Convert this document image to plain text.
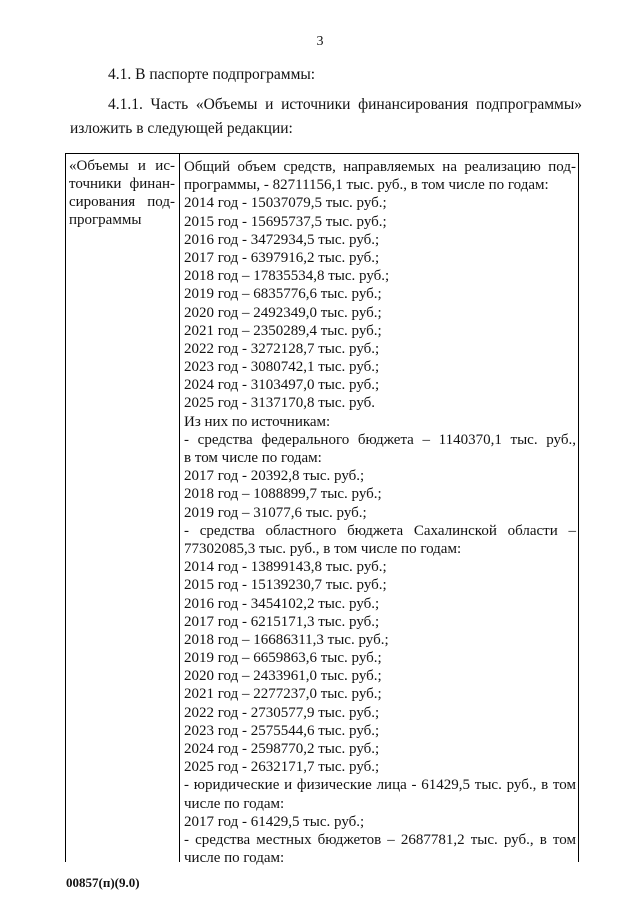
3
4.1. В паспорте подпрограммы:
4.1.1. Часть «Объемы и источники финансирования подпрограммы»
изложить в следующей редакции:
«Объемы и ис-
точники финан-
сирования под-
программы
Общий объем средств, направляемых на реализацию под-
программы, - 82711156,1 тыс. руб., в том числе по годам:
2014 год - 15037079,5 тыс. руб.;
2015 год - 15695737,5 тыс. руб.;
2016 год - 3472934,5 тыс. руб.;
2017 год - 6397916,2 тыс. руб.;
2018 год – 17835534,8 тыс. руб.;
2019 год – 6835776,6 тыс. руб.;
2020 год – 2492349,0 тыс. руб.;
2021 год – 2350289,4 тыс. руб.;
2022 год - 3272128,7 тыс. руб.;
2023 год - 3080742,1 тыс. руб.;
2024 год - 3103497,0 тыс. руб.;
2025 год - 3137170,8 тыс. руб.
Из них по источникам:
- средства федерального бюджета – 1140370,1 тыс. руб.,
в том числе по годам:
2017 год - 20392,8 тыс. руб.;
2018 год – 1088899,7 тыс. руб.;
2019 год – 31077,6 тыс. руб.;
- средства областного бюджета Сахалинской области –
77302085,3 тыс. руб., в том числе по годам:
2014 год - 13899143,8 тыс. руб.;
2015 год - 15139230,7 тыс. руб.;
2016 год - 3454102,2 тыс. руб.;
2017 год - 6215171,3 тыс. руб.;
2018 год – 16686311,3 тыс. руб.;
2019 год – 6659863,6 тыс. руб.;
2020 год – 2433961,0 тыс. руб.;
2021 год – 2277237,0 тыс. руб.;
2022 год - 2730577,9 тыс. руб.;
2023 год - 2575544,6 тыс. руб.;
2024 год - 2598770,2 тыс. руб.;
2025 год - 2632171,7 тыс. руб.;
- юридические и физические лица - 61429,5 тыс. руб., в том
числе по годам:
2017 год - 61429,5 тыс. руб.;
- средства местных бюджетов – 2687781,2 тыс. руб., в том
числе по годам:
00857(п)(9.0)
